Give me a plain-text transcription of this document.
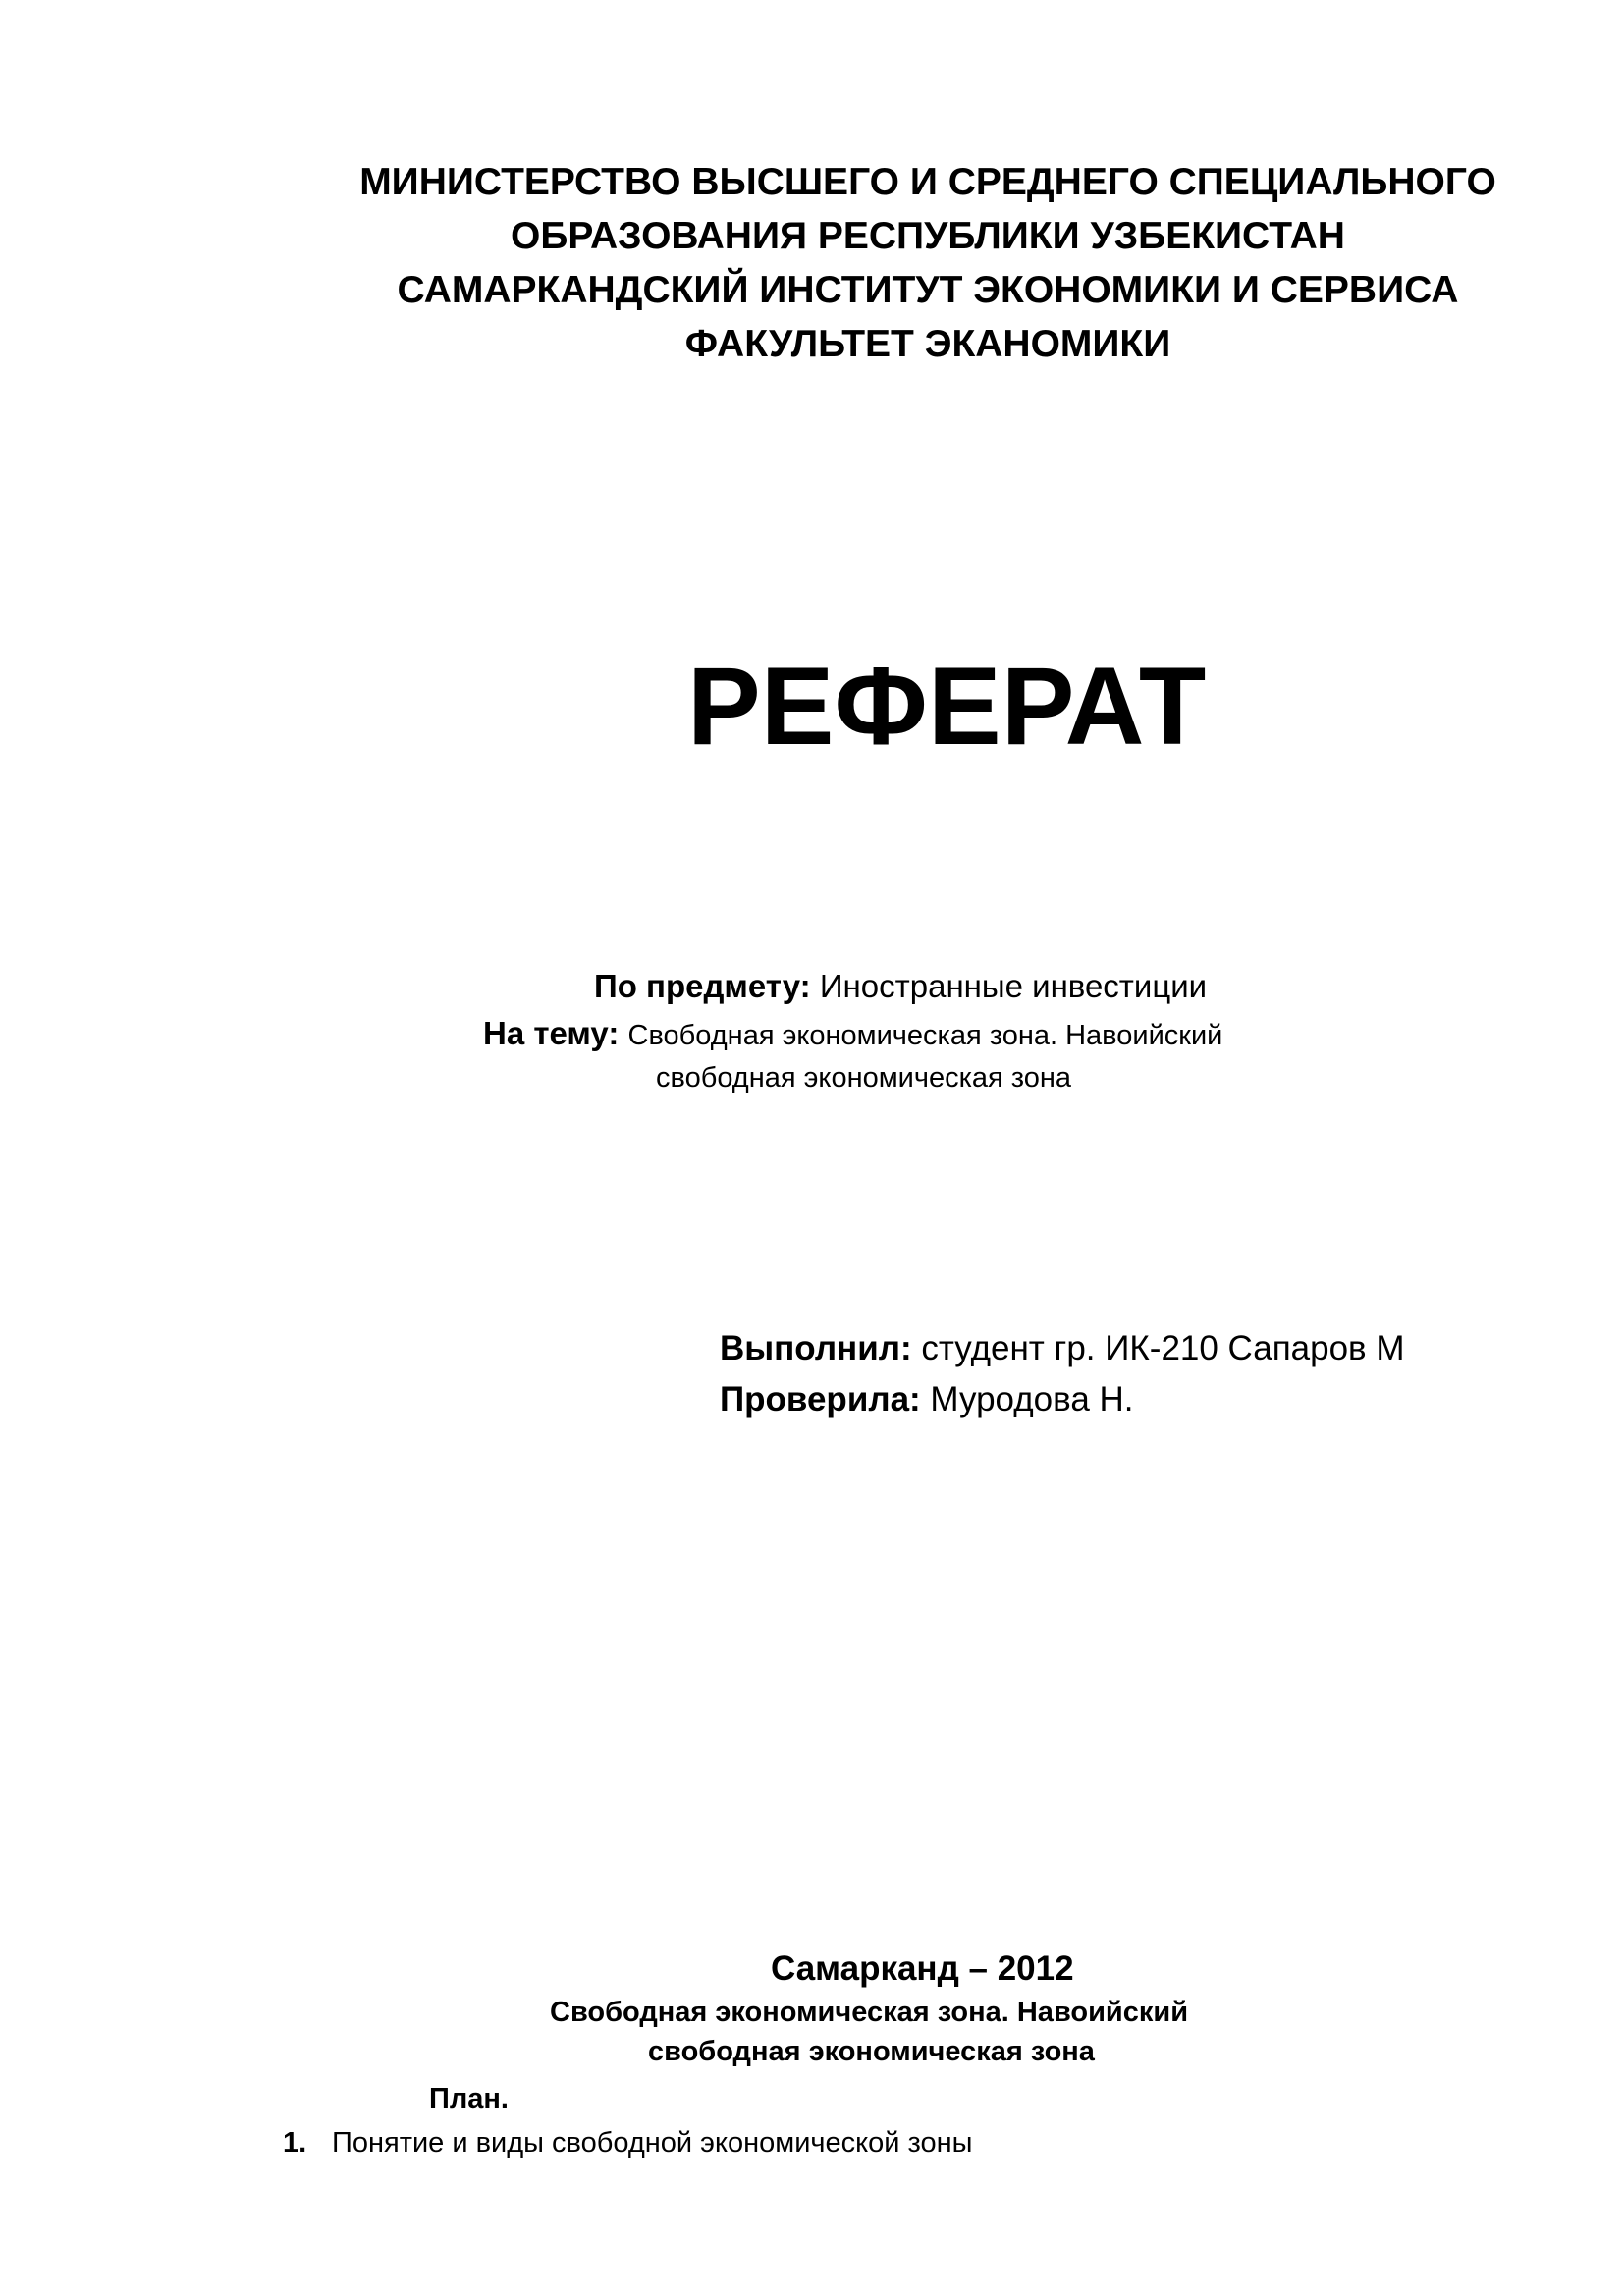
МИНИСТЕРСТВО ВЫСШЕГО И СРЕДНЕГО СПЕЦИАЛЬНОГО
ОБРАЗОВАНИЯ РЕСПУБЛИКИ УЗБЕКИСТАН
САМАРКАНДСКИЙ ИНСТИТУТ ЭКОНОМИКИ И СЕРВИСА
ФАКУЛЬТЕТ ЭКАНОМИКИ
РЕФЕРАТ
По предмету: Иностранные инвестиции
На тему: Свободная экономическая зона. Навоийский
свободная экономическая зона
Выполнил: студент гр. ИК-210 Сапаров М
Проверила: Муродова Н.
Самарканд – 2012
Свободная экономическая зона. Навоийский
свободная экономическая зона
План.
1. Понятие и виды свободной экономической зоны
